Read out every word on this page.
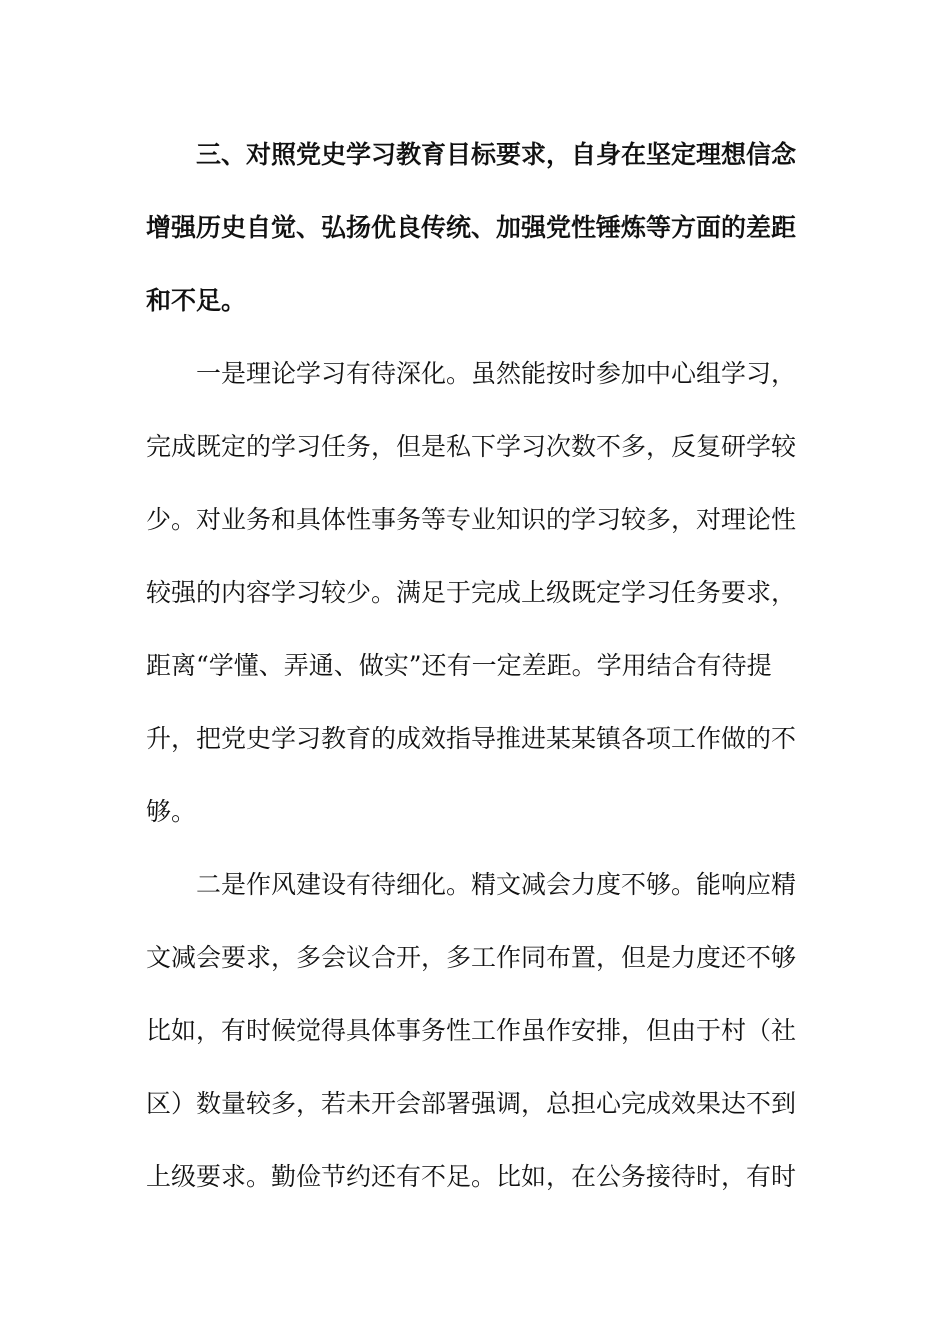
三、对照党史学习教育目标要求，自身在坚定理想信念
增强历史自觉、弘扬优良传统、加强党性锤炼等方面的差距
和不足。
一是理论学习有待深化。虽然能按时参加中心组学习，
完成既定的学习任务，但是私下学习次数不多，反复研学较
少。对业务和具体性事务等专业知识的学习较多，对理论性
较强的内容学习较少。满足于完成上级既定学习任务要求，
距离“学懂、弄通、做实”还有一定差距。学用结合有待提
升，把党史学习教育的成效指导推进某某镇各项工作做的不
够。
二是作风建设有待细化。精文减会力度不够。能响应精
文减会要求，多会议合开，多工作同布置，但是力度还不够
比如，有时候觉得具体事务性工作虽作安排，但由于村（社
区）数量较多，若未开会部署强调，总担心完成效果达不到
上级要求。勤俭节约还有不足。比如，在公务接待时，有时
